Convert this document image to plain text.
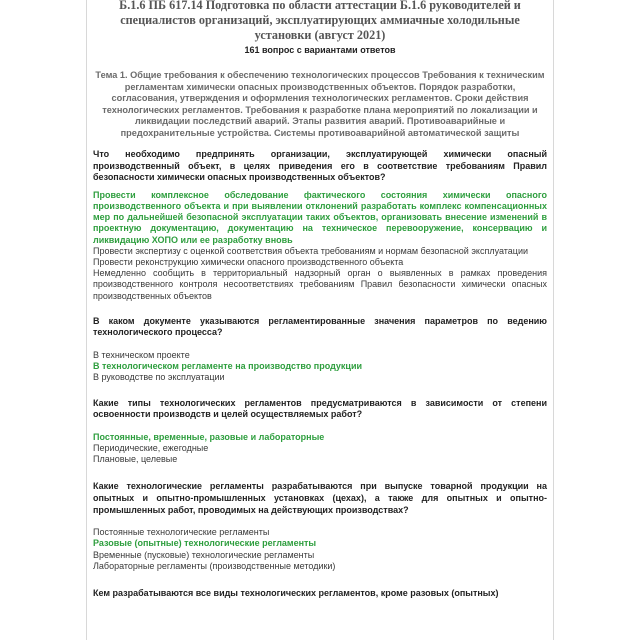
Б.1.6 ПБ 617.14 Подготовка по области аттестации Б.1.6 руководителей и специалистов организаций, эксплуатирующих аммиачные холодильные установки (август 2021)
161 вопрос с вариантами ответов
Тема 1. Общие требования к обеспечению технологических процессов Требования к техническим регламентам химически опасных производственных объектов. Порядок разработки, согласования, утверждения и оформления технологических регламентов. Сроки действия технологических регламентов. Требования к разработке плана мероприятий по локализации и ликвидации последствий аварий. Этапы развития аварий. Противоаварийные и предохранительные устройства. Системы противоаварийной автоматической защиты
Что необходимо предпринять организации, эксплуатирующей химически опасный производственный объект, в целях приведения его в соответствие требованиям Правил безопасности химически опасных производственных объектов?
Провести комплексное обследование фактического состояния химически опасного производственного объекта и при выявлении отклонений разработать комплекс компенсационных мер по дальнейшей безопасной эксплуатации таких объектов, организовать внесение изменений в проектную документацию, документацию на техническое перевооружение, консервацию и ликвидацию ХОПО или ее разработку вновь
Провести экспертизу с оценкой соответствия объекта требованиям и нормам безопасной эксплуатации
Провести реконструкцию химически опасного производственного объекта
Немедленно сообщить в территориальный надзорный орган о выявленных в рамках проведения производственного контроля несоответствиях требованиям Правил безопасности химически опасных производственных объектов
В каком документе указываются регламентированные значения параметров по ведению технологического процесса?
В техническом проекте
В технологическом регламенте на производство продукции
В руководстве по эксплуатации
Какие типы технологических регламентов предусматриваются в зависимости от степени освоенности производств и целей осуществляемых работ?
Постоянные, временные, разовые и лабораторные
Периодические, ежегодные
Плановые, целевые
Какие технологические регламенты разрабатываются при выпуске товарной продукции на опытных и опытно-промышленных установках (цехах), а также для опытных и опытно-промышленных работ, проводимых на действующих производствах?
Постоянные технологические регламенты
Разовые (опытные) технологические регламенты
Временные (пусковые) технологические регламенты
Лабораторные регламенты (производственные методики)
Кем разрабатываются все виды технологических регламентов, кроме разовых (опытных)
